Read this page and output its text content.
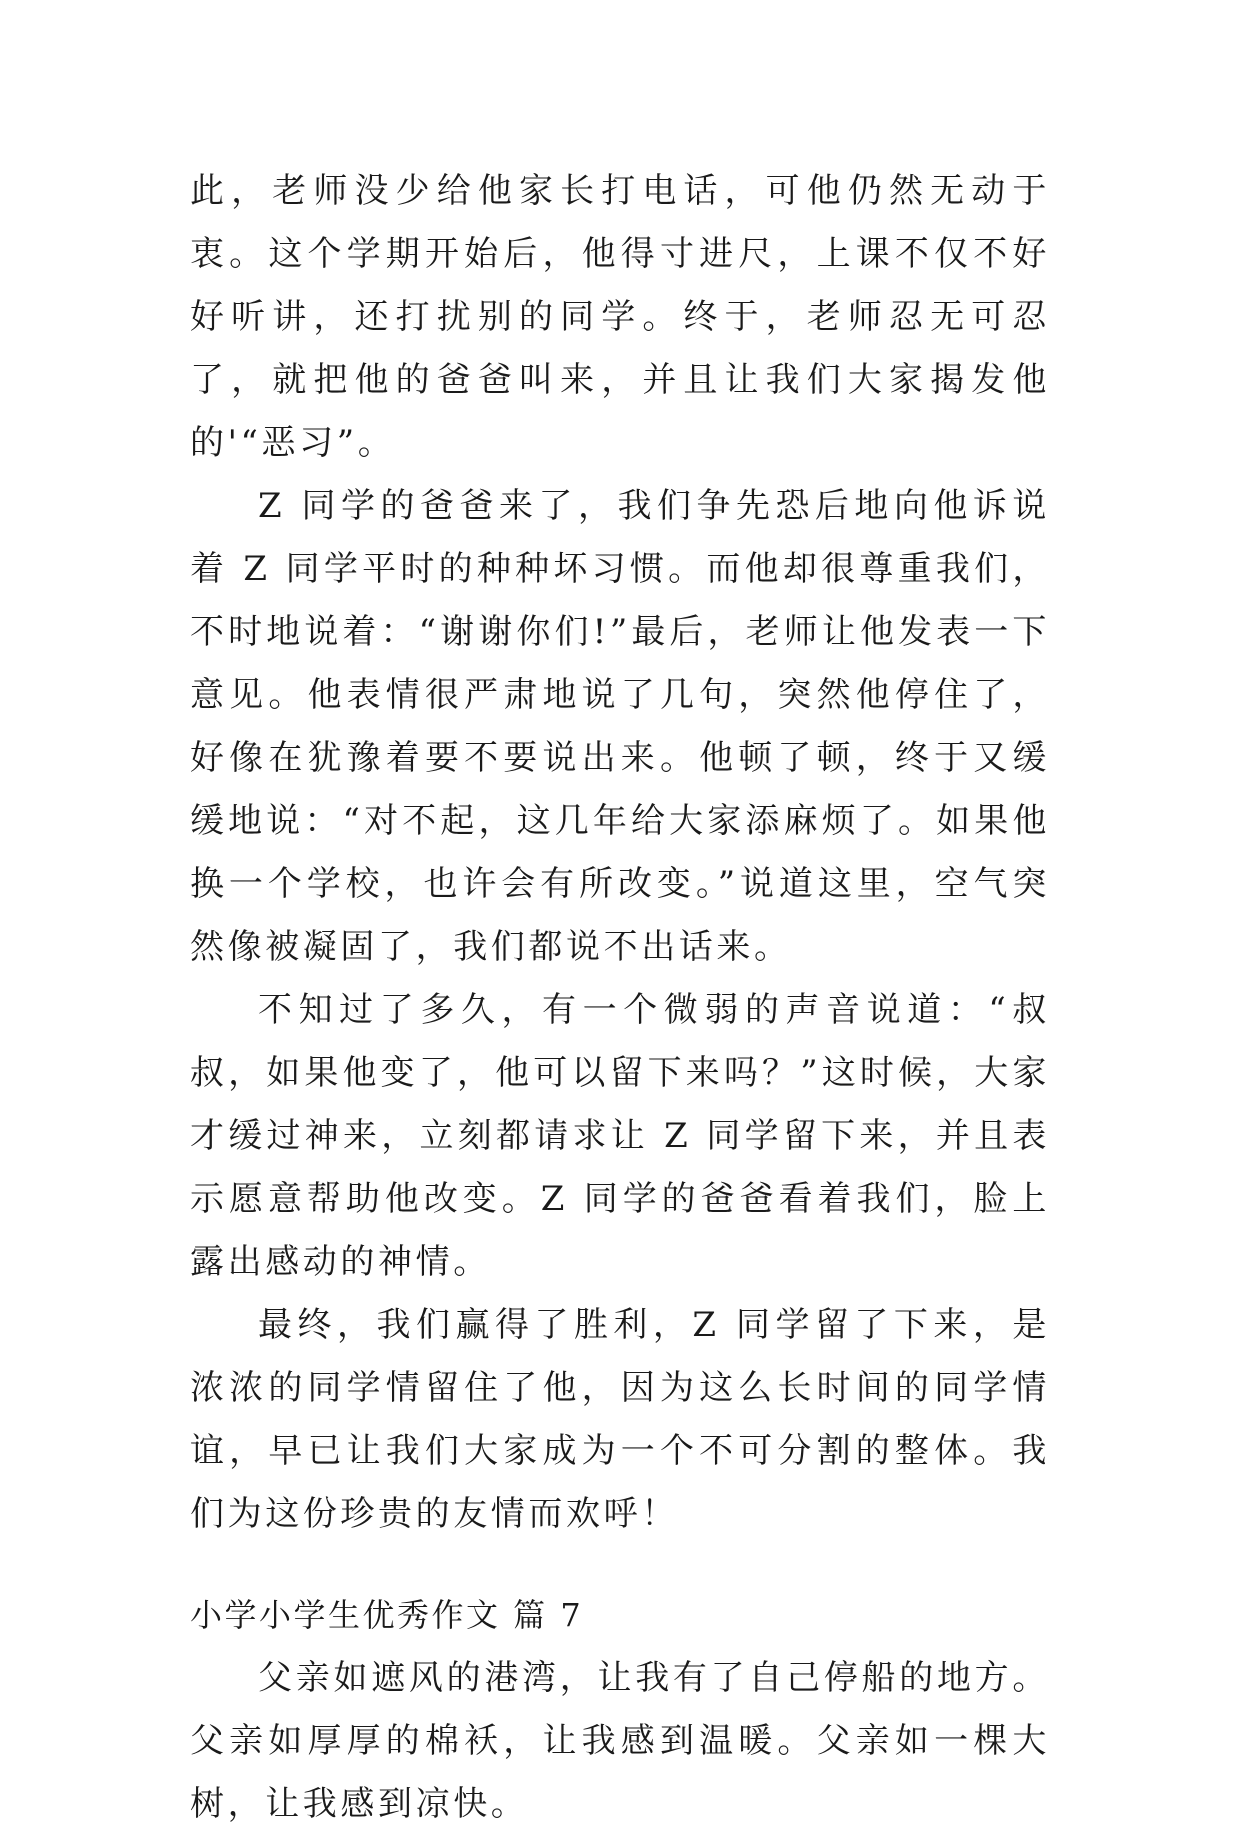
此，老师没少给他家长打电话，可他仍然无动于衷。这个学期开始后，他得寸进尺，上课不仅不好好听讲，还打扰别的同学。终于，老师忍无可忍了，就把他的爸爸叫来，并且让我们大家揭发他的'“恶习”。

Z 同学的爸爸来了，我们争先恐后地向他诉说着 Z 同学平时的种种坏习惯。而他却很尊重我们，不时地说着：“谢谢你们!”最后，老师让他发表一下意见。他表情很严肃地说了几句，突然他停住了，好像在犹豫着要不要说出来。他顿了顿，终于又缓缓地说：“对不起，这几年给大家添麻烦了。如果他换一个学校，也许会有所改变。”说道这里，空气突然像被凝固了，我们都说不出话来。

不知过了多久，有一个微弱的声音说道：“叔叔，如果他变了，他可以留下来吗？”这时候，大家才缓过神来，立刻都请求让 Z 同学留下来，并且表示愿意帮助他改变。Z 同学的爸爸看着我们，脸上露出感动的神情。

最终，我们赢得了胜利，Z 同学留了下来，是浓浓的同学情留住了他，因为这么长时间的同学情谊，早已让我们大家成为一个不可分割的整体。我们为这份珍贵的友情而欢呼！

小学小学生优秀作文 篇 7

父亲如遮风的港湾，让我有了自己停船的地方。父亲如厚厚的棉袄，让我感到温暖。父亲如一棵大树，让我感到凉快。
